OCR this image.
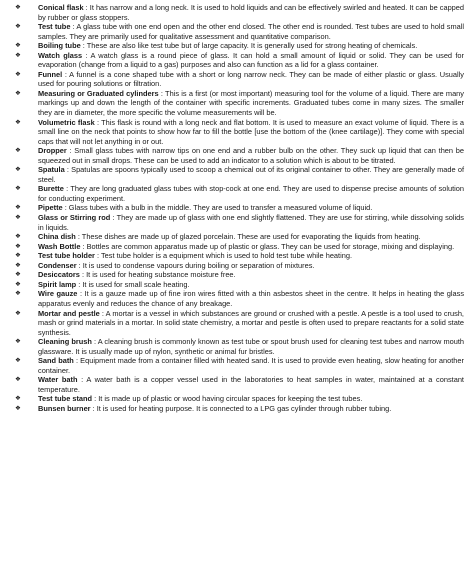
❖	Conical flask : It has narrow and a long neck. It is used to hold liquids and can be effectively swirled and heated. It can be capped by rubber or glass stoppers.
❖	Test tube : A glass tube with one end open and the other end closed. The other end is rounded. Test tubes are used to hold small samples. They are primarily used for qualitative assessment and quantitative comparison.
❖	Boiling tube : These are also like test tube but of large capacity. It is generally used for strong heating of chemicals.
❖	Watch glass : A watch glass is a round piece of glass. It can hold a small amount of liquid or solid. They can be used for evaporation (change from a liquid to a gas) purposes and also can function as a lid for a glass container.
❖	Funnel : A funnel is a cone shaped tube with a short or long narrow neck. They can be made of either plastic or glass. Usually used for pouring solutions or filtration.
❖	Measuring or Graduated cylinders : This is a first (or most important) measuring tool for the volume of a liquid. There are many markings up and down the length of the container with specific increments. Graduated tubes come in many sizes. The smaller they are in diameter, the more specific the volume measurements will be.
❖	Volumetric flask : This flask is round with a long neck and flat bottom. It is used to measure an exact volume of liquid. There is a small line on the neck that points to show how far to fill the bottle [use the bottom of the (knee cartilage)]. They come with special caps that will not let anything in or out.
❖	Dropper : Small glass tubes with narrow tips on one end and a rubber bulb on the other. They suck up liquid that can then be squeezed out in small drops. These can be used to add an indicator to a solution which is about to be titrated.
❖	Spatula : Spatulas are spoons typically used to scoop a chemical out of its original container to other. They are generally made of steel.
❖	Burette : They are long graduated glass tubes with stop-cock at one end. They are used to dispense precise amounts of solution for conducting experiment.
❖	Pipette : Glass tubes with a bulb in the middle. They are used to transfer a measured volume of liquid.
❖	Glass or Stirring rod : They are made up of glass with one end slightly flattened. They are use for stirring, while dissolving solids in liquids.
❖	China dish : These dishes are made up of glazed porcelain. These are used for evaporating the liquids from heating.
❖	Wash Bottle : Bottles are common apparatus made up of plastic or glass. They can be used for storage, mixing and displaying.
❖	Test tube holder : Test tube holder is a equipment which is used to hold test tube while heating.
❖	Condenser : It is used to condense vapours during boiling or separation of mixtures.
❖	Desiccators : It is used for heating substance moisture free.
❖	Spirit lamp : It is used for small scale heating.
❖	Wire gauze : It is a gauze made up of fine iron wires fitted with a thin asbestos sheet in the centre. It helps in heating the glass apparatus evenly and reduces the chance of any breakage.
❖	Mortar and pestle : A mortar is a vessel in which substances are ground or crushed with a pestle. A pestle is a tool used to crush, mash or grind materials in a mortar. In solid state chemistry, a mortar and pestle is often used to prepare reactants for a solid state synthesis.
❖	Cleaning brush : A cleaning brush is commonly known as test tube or spout brush used for cleaning test tubes and narrow mouth glassware. It is usually made up of nylon, synthetic or animal fur bristles.
❖	Sand bath : Equipment made from a container filled with heated sand. It is used to provide even heating, slow heating for another container.
❖	Water bath : A water bath is a copper vessel used in the laboratories to heat samples in water, maintained at a constant temperature.
❖	Test tube stand : It is made up of plastic or wood having circular spaces for keeping the test tubes.
❖	Bunsen burner : It is used for heating purpose. It is connected to a LPG gas cylinder through rubber tubing.
